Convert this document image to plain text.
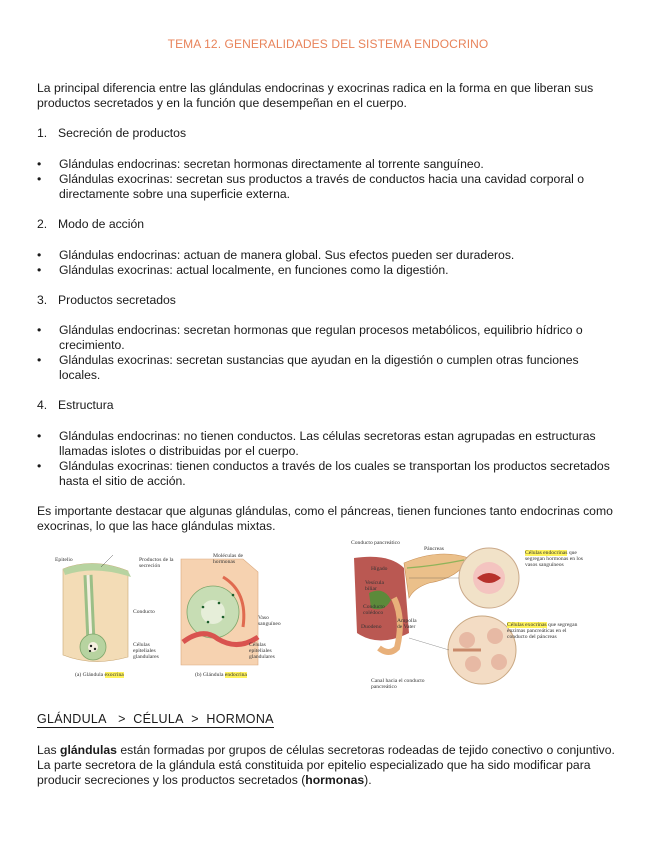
TEMA 12. GENERALIDADES DEL SISTEMA ENDOCRINO
La principal diferencia entre las glándulas endocrinas y exocrinas radica en la forma en que liberan sus productos secretados y en la función que desempeñan en el cuerpo.
1. Secreción de productos
•	Glándulas endocrinas: secretan hormonas directamente al torrente sanguíneo.
•	Glándulas exocrinas: secretan sus productos a través de conductos hacia una cavidad corporal o directamente sobre una superficie externa.
2. Modo de acción
•	Glándulas endocrinas: actuan de manera global. Sus efectos pueden ser duraderos.
•	Glándulas exocrinas: actual localmente, en funciones como la digestión.
3. Productos secretados
•	Glándulas endocrinas: secretan hormonas que regulan procesos metabólicos, equilibrio hídrico o crecimiento.
•	Glándulas exocrinas: secretan sustancias que ayudan en la digestión o cumplen otras funciones locales.
4. Estructura
•	Glándulas endocrinas: no tienen conductos. Las células secretoras estan agrupadas en estructuras llamadas islotes o distribuidas por el cuerpo.
•	Glándulas exocrinas: tienen conductos a través de los cuales se transportan los productos secretados hasta el sitio de acción.
Es importante destacar que algunas glándulas, como el páncreas, tienen funciones tanto endocrinas como exocrinas, lo que las hace glándulas mixtas.
Epitelio	Productos de la secreción
Conducto
Células epiteliales glandulares
(a) Glándula exocrina
Moléculas de hormonas
Vaso sanguíneo
Células epiteliales glandulares
(b) Glándula endocrina
Conducto pancreático
Páncreas
Hígado
Vesícula biliar
Conducto colédoco
Duodeno
Ampolla de Vater
Canal hacia el conducto pancreático
Células endocrinas que segregan hormonas en los vasos sanguíneos
Células exocrinas que segregan enzimas pancreáticas en el conducto del páncreas
GLÁNDULA > CÉLULA > HORMONA
Las glándulas están formadas por grupos de células secretoras rodeadas de tejido conectivo o conjuntivo. La parte secretora de la glándula está constituida por epitelio especializado que ha sido modificar para producir secreciones y los productos secretados (hormonas).
